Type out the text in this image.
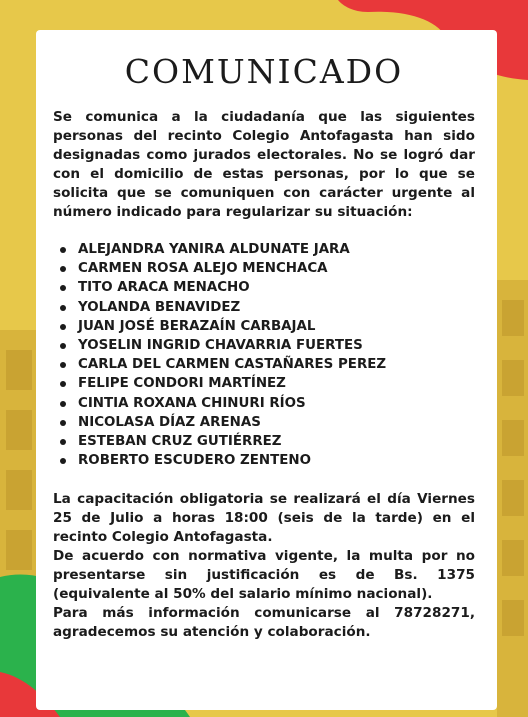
COMUNICADO

Se comunica a la ciudadanía que las siguientes personas del recinto Colegio Antofagasta han sido designadas como jurados electorales. No se logró dar con el domicilio de estas personas, por lo que se solicita que se comuniquen con carácter urgente al número indicado para regularizar su situación:

ALEJANDRA YANIRA ALDUNATE JARA
CARMEN ROSA ALEJO MENCHACA
TITO ARACA MENACHO
YOLANDA BENAVIDEZ
JUAN JOSÉ BERAZAÍN CARBAJAL
YOSELIN INGRID CHAVARRIA FUERTES
CARLA DEL CARMEN CASTAÑARES PEREZ
FELIPE CONDORI MARTÍNEZ
CINTIA ROXANA CHINURI RÍOS
NICOLASA DÍAZ ARENAS
ESTEBAN CRUZ GUTIÉRREZ
ROBERTO ESCUDERO ZENTENO

La capacitación obligatoria se realizará el día Viernes 25 de Julio a horas 18:00 (seis de la tarde) en el recinto Colegio Antofagasta.

De acuerdo con normativa vigente, la multa por no presentarse sin justificación es de Bs. 1375 (equivalente al 50% del salario mínimo nacional).

Para más información comunicarse al 78728271, agradecemos su atención y colaboración.
